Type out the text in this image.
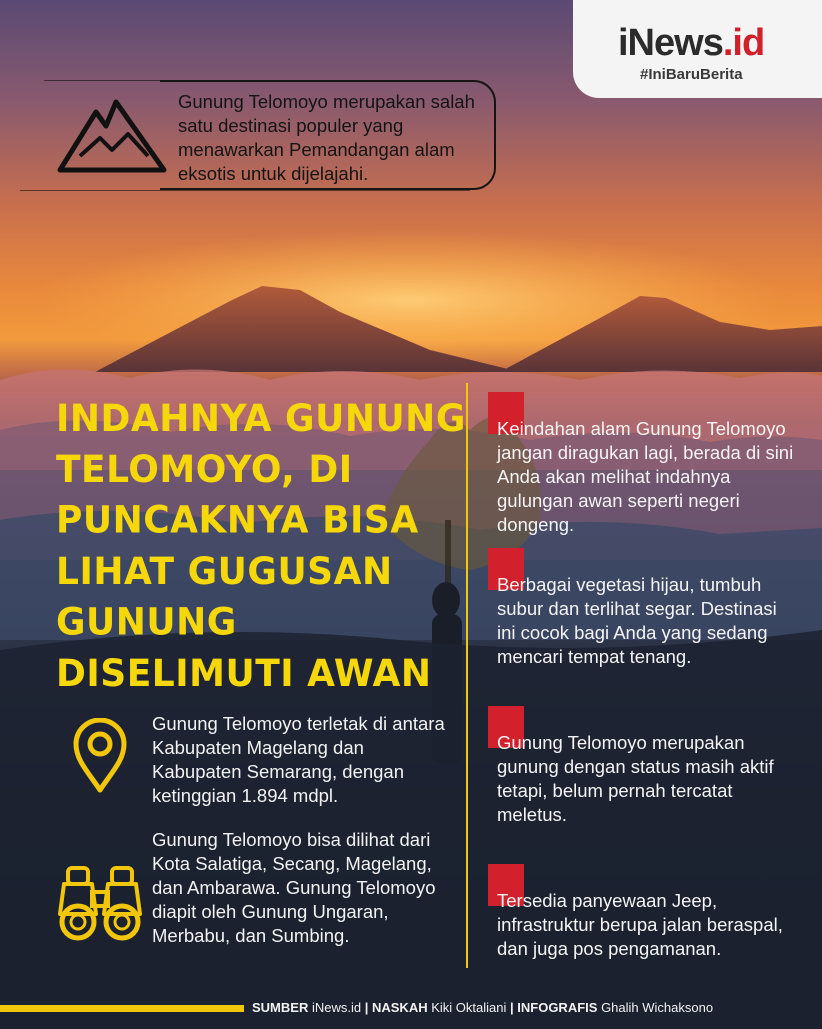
iNews.id
#IniBaruBerita
Gunung Telomoyo merupakan salah satu destinasi populer yang menawarkan Pemandangan alam eksotis untuk dijelajahi.
INDAHNYA GUNUNG TELOMOYO, DI PUNCAKNYA BISA LIHAT GUGUSAN GUNUNG DISELIMUTI AWAN
Gunung Telomoyo terletak di antara Kabupaten Magelang dan Kabupaten Semarang, dengan ketinggian 1.894 mdpl.
Gunung Telomoyo bisa dilihat dari Kota Salatiga, Secang, Magelang, dan Ambarawa. Gunung Telomoyo diapit oleh Gunung Ungaran, Merbabu, dan Sumbing.
Keindahan alam Gunung Telomoyo jangan diragukan lagi, berada di sini Anda akan melihat indahnya gulungan awan seperti negeri dongeng.
Berbagai vegetasi hijau, tumbuh subur dan terlihat segar. Destinasi ini cocok bagi Anda yang sedang mencari tempat tenang.
Gunung Telomoyo merupakan gunung dengan status masih aktif tetapi, belum pernah tercatat meletus.
Tersedia panyewaan Jeep, infrastruktur berupa jalan beraspal, dan juga pos pengamanan.
SUMBER iNews.id | NASKAH Kiki Oktaliani | INFOGRAFIS Ghalih Wichaksono
